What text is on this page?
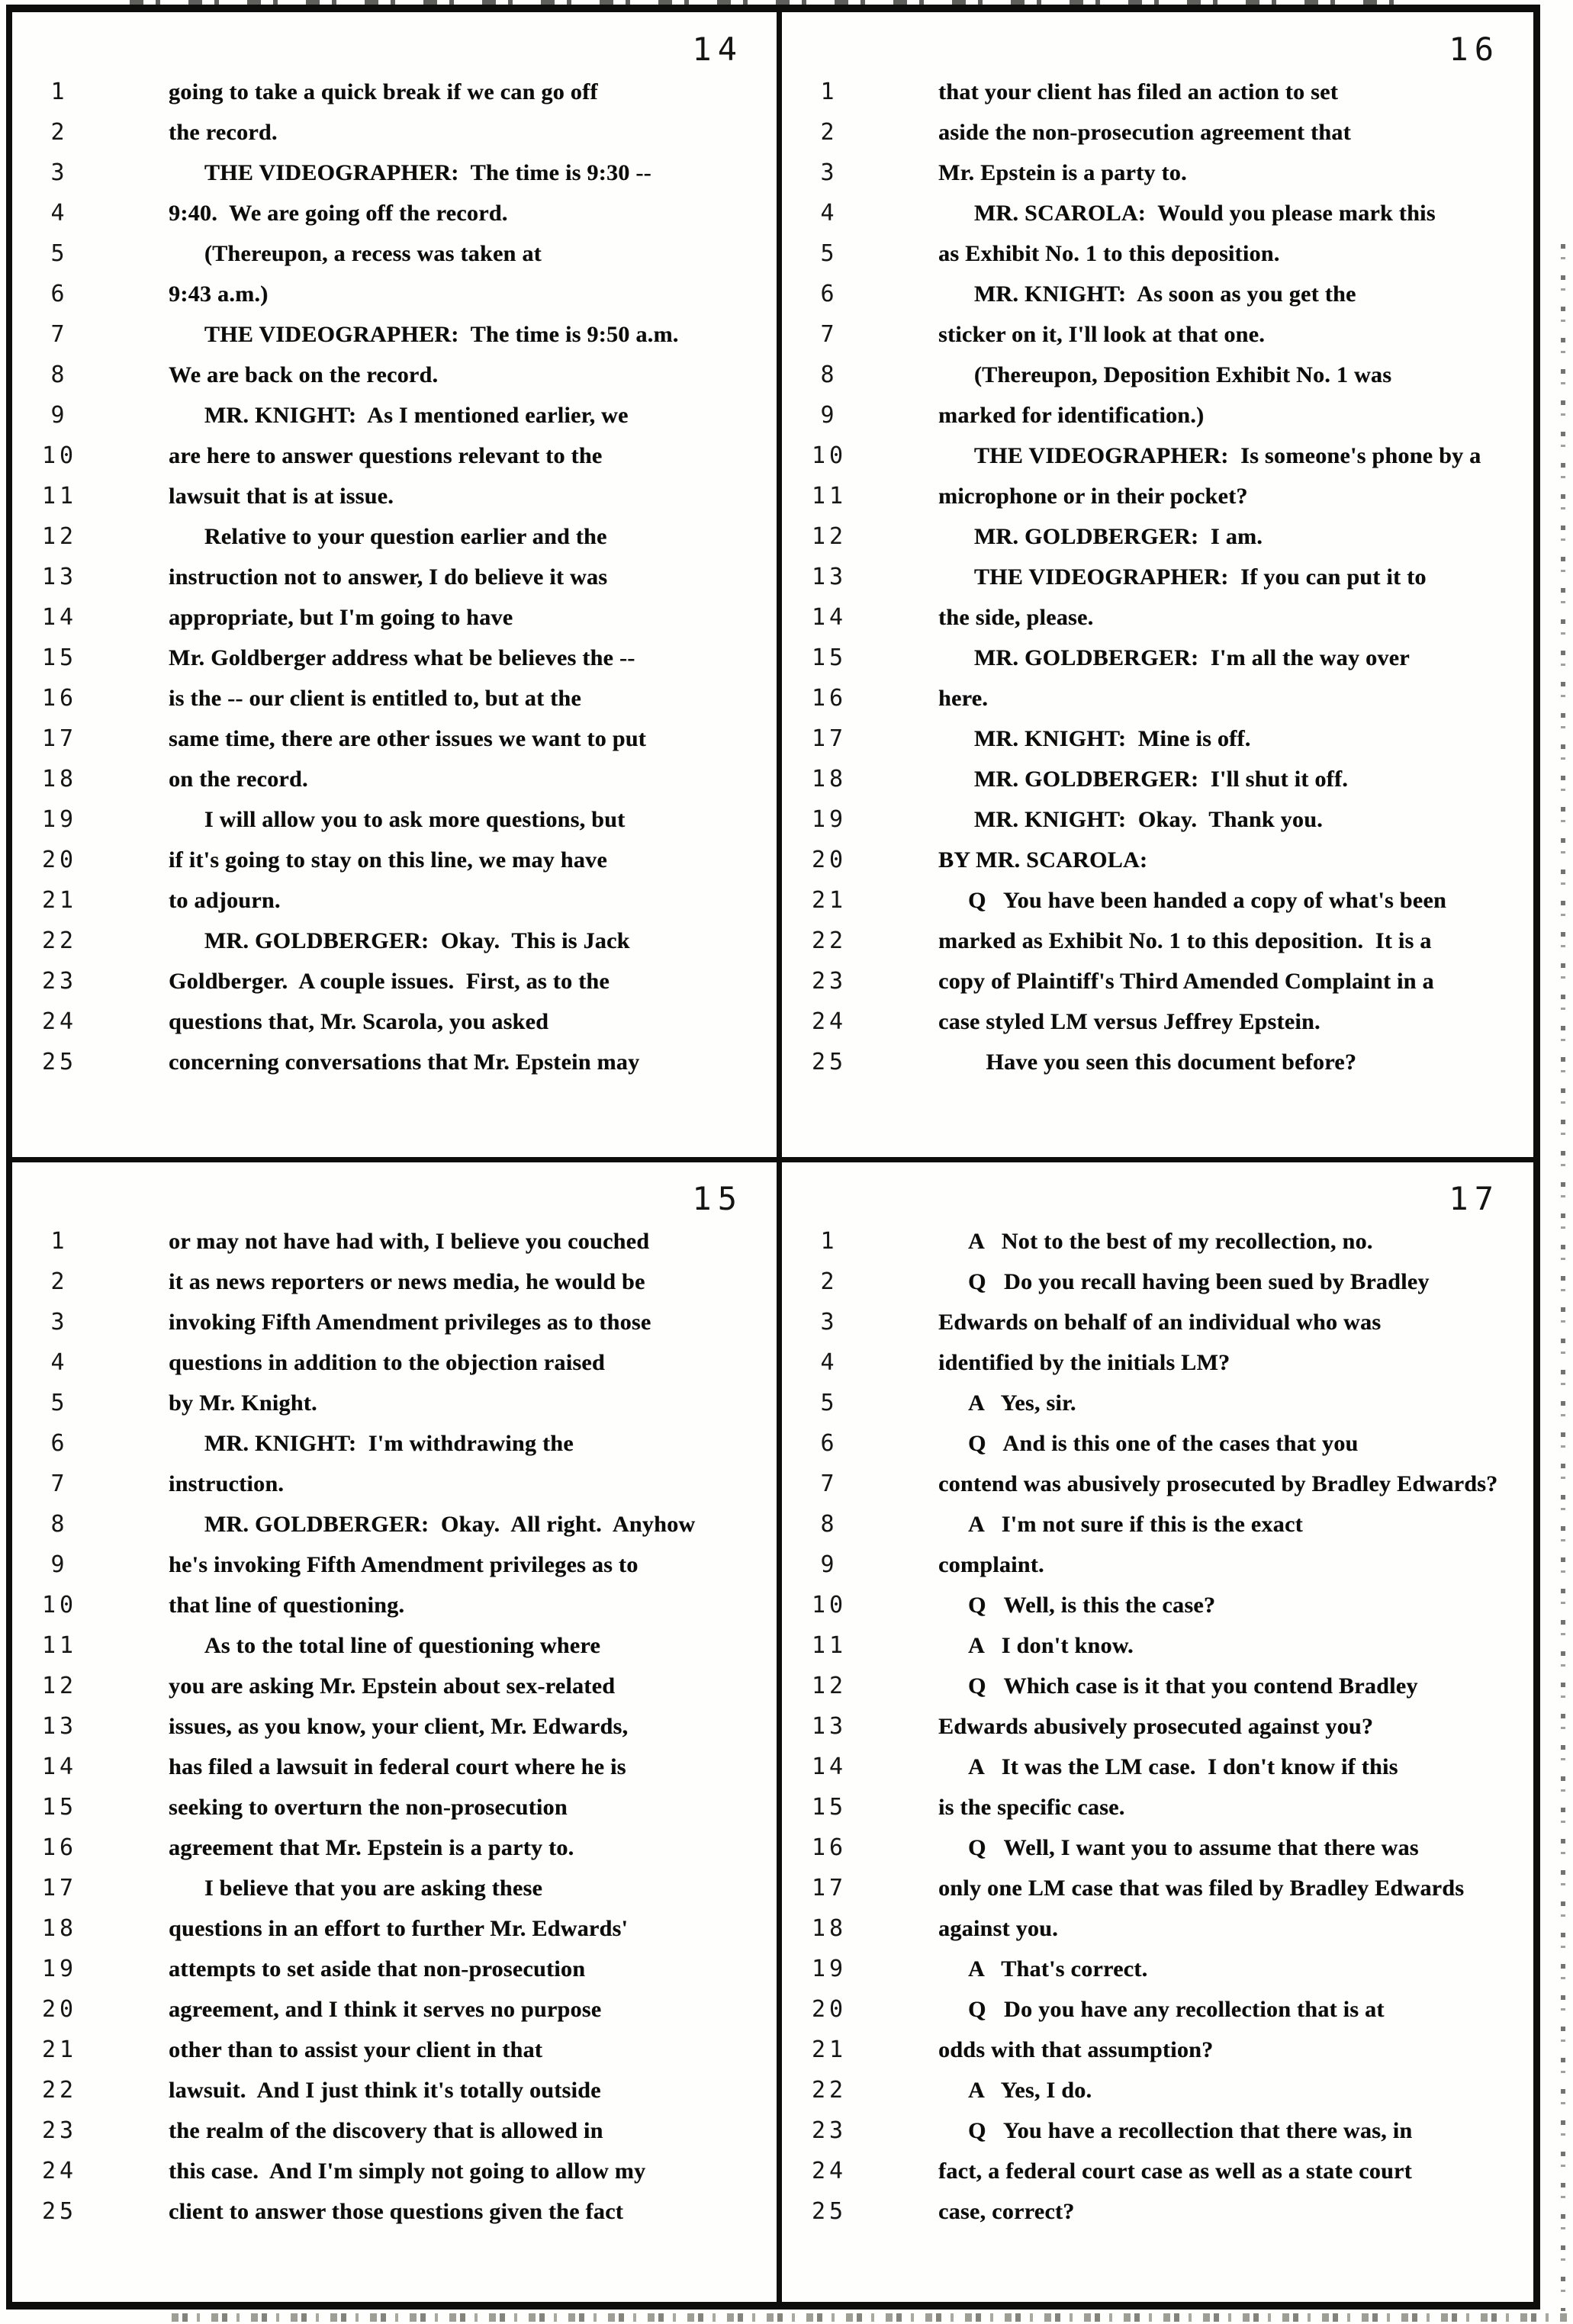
14
1	going to take a quick break if we can go off
2	the record.
3	THE VIDEOGRAPHER:  The time is 9:30 --
4	9:40.  We are going off the record.
5	(Thereupon, a recess was taken at
6	9:43 a.m.)
7	THE VIDEOGRAPHER:  The time is 9:50 a.m.
8	We are back on the record.
9	MR. KNIGHT:  As I mentioned earlier, we
10	are here to answer questions relevant to the
11	lawsuit that is at issue.
12	Relative to your question earlier and the
13	instruction not to answer, I do believe it was
14	appropriate, but I'm going to have
15	Mr. Goldberger address what be believes the --
16	is the -- our client is entitled to, but at the
17	same time, there are other issues we want to put
18	on the record.
19	I will allow you to ask more questions, but
20	if it's going to stay on this line, we may have
21	to adjourn.
22	MR. GOLDBERGER:  Okay.  This is Jack
23	Goldberger.  A couple issues.  First, as to the
24	questions that, Mr. Scarola, you asked
25	concerning conversations that Mr. Epstein may
16
1	that your client has filed an action to set
2	aside the non-prosecution agreement that
3	Mr. Epstein is a party to.
4	MR. SCAROLA:  Would you please mark this
5	as Exhibit No. 1 to this deposition.
6	MR. KNIGHT:  As soon as you get the
7	sticker on it, I'll look at that one.
8	(Thereupon, Deposition Exhibit No. 1 was
9	marked for identification.)
10	THE VIDEOGRAPHER:  Is someone's phone by a
11	microphone or in their pocket?
12	MR. GOLDBERGER:  I am.
13	THE VIDEOGRAPHER:  If you can put it to
14	the side, please.
15	MR. GOLDBERGER:  I'm all the way over
16	here.
17	MR. KNIGHT:  Mine is off.
18	MR. GOLDBERGER:  I'll shut it off.
19	MR. KNIGHT:  Okay.  Thank you.
20	BY MR. SCAROLA:
21	Q   You have been handed a copy of what's been
22	marked as Exhibit No. 1 to this deposition.  It is a
23	copy of Plaintiff's Third Amended Complaint in a
24	case styled LM versus Jeffrey Epstein.
25	Have you seen this document before?
15
1	or may not have had with, I believe you couched
2	it as news reporters or news media, he would be
3	invoking Fifth Amendment privileges as to those
4	questions in addition to the objection raised
5	by Mr. Knight.
6	MR. KNIGHT:  I'm withdrawing the
7	instruction.
8	MR. GOLDBERGER:  Okay.  All right.  Anyhow
9	he's invoking Fifth Amendment privileges as to
10	that line of questioning.
11	As to the total line of questioning where
12	you are asking Mr. Epstein about sex-related
13	issues, as you know, your client, Mr. Edwards,
14	has filed a lawsuit in federal court where he is
15	seeking to overturn the non-prosecution
16	agreement that Mr. Epstein is a party to.
17	I believe that you are asking these
18	questions in an effort to further Mr. Edwards'
19	attempts to set aside that non-prosecution
20	agreement, and I think it serves no purpose
21	other than to assist your client in that
22	lawsuit.  And I just think it's totally outside
23	the realm of the discovery that is allowed in
24	this case.  And I'm simply not going to allow my
25	client to answer those questions given the fact
17
1	A   Not to the best of my recollection, no.
2	Q   Do you recall having been sued by Bradley
3	Edwards on behalf of an individual who was
4	identified by the initials LM?
5	A   Yes, sir.
6	Q   And is this one of the cases that you
7	contend was abusively prosecuted by Bradley Edwards?
8	A   I'm not sure if this is the exact
9	complaint.
10	Q   Well, is this the case?
11	A   I don't know.
12	Q   Which case is it that you contend Bradley
13	Edwards abusively prosecuted against you?
14	A   It was the LM case.  I don't know if this
15	is the specific case.
16	Q   Well, I want you to assume that there was
17	only one LM case that was filed by Bradley Edwards
18	against you.
19	A   That's correct.
20	Q   Do you have any recollection that is at
21	odds with that assumption?
22	A   Yes, I do.
23	Q   You have a recollection that there was, in
24	fact, a federal court case as well as a state court
25	case, correct?
